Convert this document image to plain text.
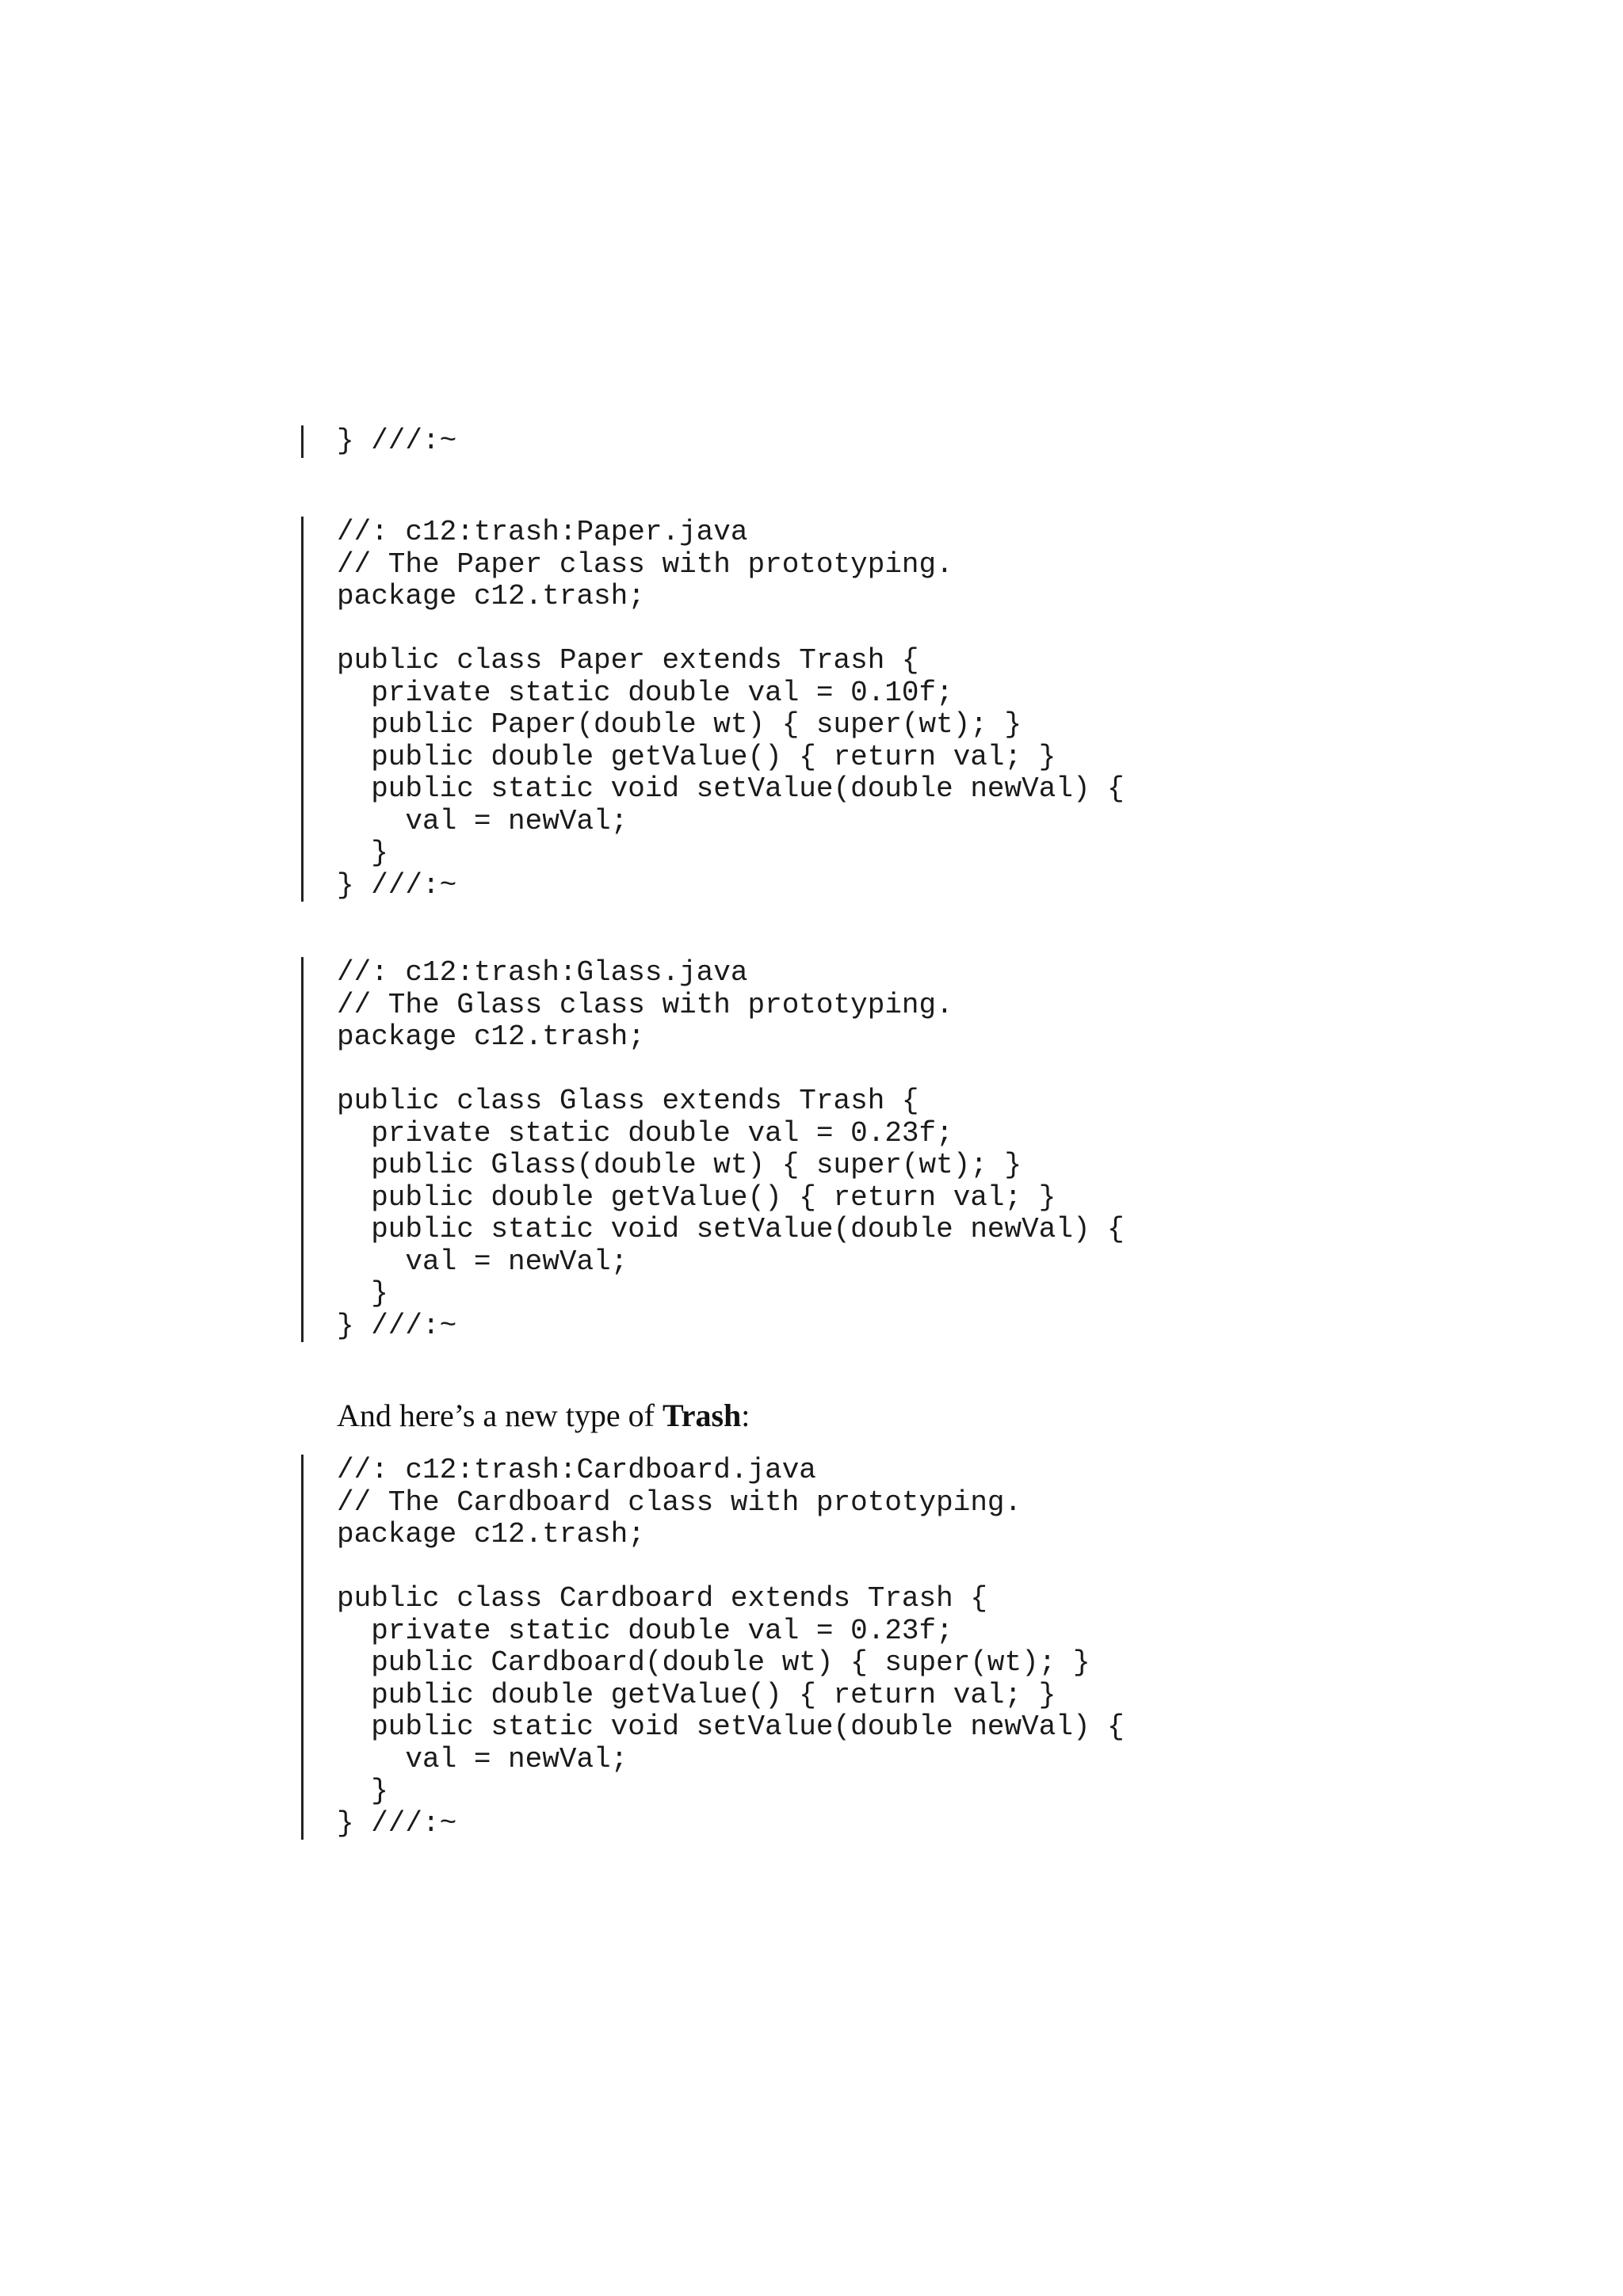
} ///:~
//: c12:trash:Paper.java
// The Paper class with prototyping.
package c12.trash;
public class Paper extends Trash {
private static double val = 0.10f;
public Paper(double wt) { super(wt); }
public double getValue() { return val; }
public static void setValue(double newVal) {
val = newVal;
}
} ///:~
//: c12:trash:Glass.java
// The Glass class with prototyping.
package c12.trash;
public class Glass extends Trash {
private static double val = 0.23f;
public Glass(double wt) { super(wt); }
public double getValue() { return val; }
public static void setValue(double newVal) {
val = newVal;
}
} ///:~

And here’s a new type of Trash:

//: c12:trash:Cardboard.java
// The Cardboard class with prototyping.
package c12.trash;
public class Cardboard extends Trash {
private static double val = 0.23f;
public Cardboard(double wt) { super(wt); }
public double getValue() { return val; }
public static void setValue(double newVal) {
val = newVal;
}
} ///:~
